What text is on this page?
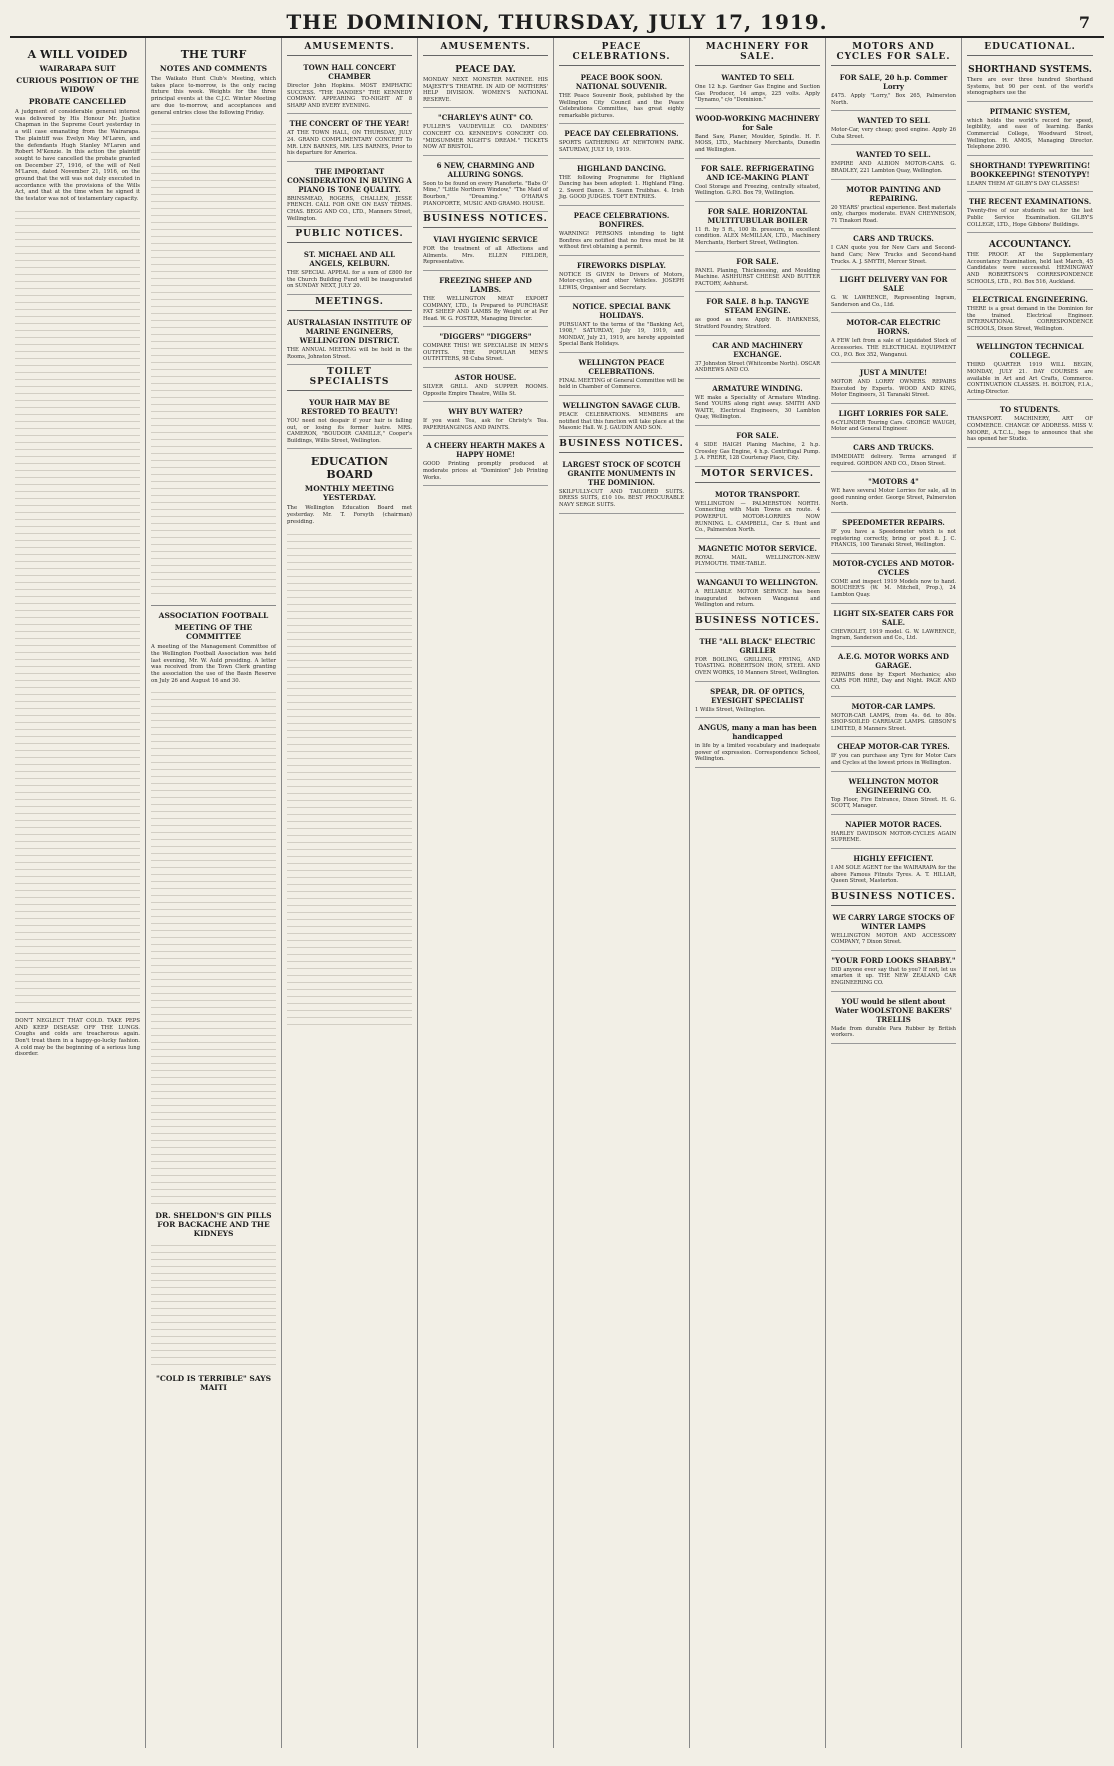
THE DOMINION, THURSDAY, JULY 17, 1919.	7
A WILL VOIDED
WAIRARAPA SUIT
CURIOUS POSITION OF THE WIDOW
PROBATE CANCELLED
A judgment of considerable general interest was delivered by His Honour Mr. Justice Chapman in the Supreme Court yesterday in a will case emanating from the Wairarapa. The plaintiff was Evelyn May M'Laren, and the defendants Hugh Stanley M'Laren and Robert M'Kenzie. In this action the plaintiff sought to have cancelled the probate granted on December 27, 1916, of the will of Neil M'Laren, dated November 21, 1916, on the ground that the will was not duly executed in accordance with the provisions of the Wills Act, and that at the time when he signed it the testator was not of testamentary capacity.
DON'T NEGLECT THAT COLD. TAKE PEPS AND KEEP DISEASE OFF THE LUNGS. Coughs and colds are treacherous again. Don't treat them in a happy-go-lucky fashion. A cold may be the beginning of a serious lung disorder.
THE TURF
NOTES AND COMMENTS
The Waikato Hunt Club's Meeting, which takes place to-morrow, is the only racing fixture this week. Weights for the three principal events at the C.J.C. Winter Meeting are due to-morrow, and acceptances and general entries close the following Friday.
ASSOCIATION FOOTBALL
MEETING OF THE COMMITTEE
A meeting of the Management Committee of the Wellington Football Association was held last evening, Mr. W. Auld presiding. A letter was received from the Town Clerk granting the association the use of the Basin Reserve on July 26 and August 16 and 30.
DR. SHELDON'S GIN PILLS FOR BACKACHE AND THE KIDNEYS
"COLD IS TERRIBLE" SAYS MAITI
AMUSEMENTS.
TOWN HALL CONCERT CHAMBER
Director John Hopkins. MOST EMPHATIC SUCCESS. "THE DANDIES" THE KENNEDY COMPANY. APPEARING TO-NIGHT AT 8 SHARP AND EVERY EVENING.
THE CONCERT OF THE YEAR!
AT THE TOWN HALL, ON THURSDAY, JULY 24. GRAND COMPLIMENTARY CONCERT To MR. LEN BARNES, MR. LES BARNES, Prior to his departure for America.
THE IMPORTANT CONSIDERATION IN BUYING A PIANO IS TONE QUALITY.
BRINSMEAD, ROGERS, CHALLEN, JESSE FRENCH. CALL FOR ONE ON EASY TERMS. CHAS. BEGG AND CO., LTD., Manners Street, Wellington.
PUBLIC NOTICES.
ST. MICHAEL AND ALL ANGELS, KELBURN.
THE SPECIAL APPEAL for a sum of £800 for the Church Building Fund will be inaugurated on SUNDAY NEXT, JULY 20.
MEETINGS.
AUSTRALASIAN INSTITUTE OF MARINE ENGINEERS, WELLINGTON DISTRICT.
THE ANNUAL MEETING will be held in the Rooms, Johnston Street.
TOILET SPECIALISTS
YOUR HAIR MAY BE RESTORED TO BEAUTY!
YOU need not despair if your hair is falling out, or losing its former lustre. MRS. CAMERON, "BOUDOIR CAMILLE," Cooper's Buildings, Willis Street, Wellington.
EDUCATION BOARD
MONTHLY MEETING YESTERDAY.
The Wellington Education Board met yesterday. Mr. T. Forsyth (chairman) presiding.
AMUSEMENTS.
PEACE DAY.
MONDAY NEXT. MONSTER MATINEE. HIS MAJESTY'S THEATRE. IN AID OF MOTHERS' HELP DIVISION. WOMEN'S NATIONAL RESERVE.
"CHARLEY'S AUNT" CO.
FULLER'S VAUDEVILLE CO. DANDIES' CONCERT CO. KENNEDY'S CONCERT CO. "MIDSUMMER NIGHT'S DREAM." TICKETS NOW AT BRISTOL.
6 NEW, CHARMING AND ALLURING SONGS.
Soon to be found on every Pianoforte. "Babs O' Mine," "Little Northern Window," "The Maid of Bourbon," "Dreaming." O'HARA'S PIANOFORTE, MUSIC AND GRAMO. HOUSE.
BUSINESS NOTICES.
VIAVI HYGIENIC SERVICE
FOR the treatment of all Affections and Ailments. Mrs. ELLEN FIELDER, Representative.
FREEZING SHEEP AND LAMBS.
THE WELLINGTON MEAT EXPORT COMPANY, LTD., Is Prepared to PURCHASE FAT SHEEP AND LAMBS By Weight or at Per Head. W. G. FOSTER, Managing Director.
"DIGGERS" "DIGGERS"
COMPARE THIS! WE SPECIALISE IN MEN'S OUTFITS. THE POPULAR MEN'S OUTFITTERS, 98 Cuba Street.
ASTOR HOUSE.
SILVER GRILL AND SUPPER ROOMS. Opposite Empire Theatre, Willis St.
WHY BUY WATER?
If you want Tea, ask for Christy's Tea. PAPERHANGINGS AND PAINTS.
A CHEERY HEARTH MAKES A HAPPY HOME!
GOOD Printing promptly produced at moderate prices at "Dominion" Job Printing Works.
PEACE CELEBRATIONS.
PEACE BOOK SOON. NATIONAL SOUVENIR.
THE Peace Souvenir Book, published by the Wellington City Council and the Peace Celebrations Committee, has great eighty remarkable pictures.
PEACE DAY CELEBRATIONS.
SPORTS GATHERING AT NEWTOWN PARK. SATURDAY, JULY 19, 1919.
HIGHLAND DANCING.
THE following Programme for Highland Dancing has been adopted: 1. Highland Fling. 2. Sword Dance. 3. Seann Truibhas. 4. Irish Jig. GOOD JUDGES. TOFT ENTRIES.
PEACE CELEBRATIONS. BONFIRES.
WARNING! PERSONS intending to light Bonfires are notified that no fires must be lit without first obtaining a permit.
FIREWORKS DISPLAY.
NOTICE IS GIVEN to Drivers of Motors, Motor-cycles, and other Vehicles. JOSEPH LEWIS, Organiser and Secretary.
NOTICE. SPECIAL BANK HOLIDAYS.
PURSUANT to the terms of the "Banking Act, 1908," SATURDAY, July 19, 1919, and MONDAY, July 21, 1919, are hereby appointed Special Bank Holidays.
WELLINGTON PEACE CELEBRATIONS.
FINAL MEETING of General Committee will be held in Chamber of Commerce.
WELLINGTON SAVAGE CLUB.
PEACE CELEBRATIONS. MEMBERS are notified that this function will take place at the Masonic Hall. W. J. GAUDIN AND SON.
BUSINESS NOTICES.
LARGEST STOCK OF SCOTCH GRANITE MONUMENTS IN THE DOMINION.
SKILFULLY-CUT AND TAILORED SUITS. DRESS SUITS, £10 10s. BEST PROCURABLE NAVY SERGE SUITS.
MACHINERY FOR SALE.
WANTED TO SELL
One 12 h.p. Gardner Gas Engine and Suction Gas Producer, 14 amps, 225 volts. Apply "Dynamo," c/o "Dominion."
WOOD-WORKING MACHINERY for Sale
Band Saw, Planer, Moulder, Spindle. H. F. MOSS, LTD., Machinery Merchants, Dunedin and Wellington.
FOR SALE. REFRIGERATING AND ICE-MAKING PLANT
Cool Storage and Freezing, centrally situated, Wellington. G.P.O. Box 79, Wellington.
FOR SALE. HORIZONTAL MULTITUBULAR BOILER
11 ft. by 5 ft., 100 lb. pressure, in excellent condition. ALEX McMILLAN, LTD., Machinery Merchants, Herbert Street, Wellington.
FOR SALE.
PANEL Planing, Thicknessing, and Moulding Machine. ASHHURST CHEESE AND BUTTER FACTORY, Ashhurst.
FOR SALE. 8 h.p. TANGYE STEAM ENGINE.
as good as new. Apply B. HARKNESS, Stratford Foundry, Stratford.
CAR AND MACHINERY EXCHANGE.
37 Johnston Street (Whitcombe North). OSCAR ANDREWS AND CO.
ARMATURE WINDING.
WE make a Speciality of Armature Winding. Send YOURS along right away. SMITH AND WAITE, Electrical Engineers, 30 Lambton Quay, Wellington.
FOR SALE.
4 SIDE HAIGH Planing Machine, 2 h.p. Crossley Gas Engine, 4 h.p. Centrifugal Pump. J. A. FRERE, 128 Courtenay Place, City.
MOTOR SERVICES.
MOTOR TRANSPORT.
WELLINGTON — PALMERSTON NORTH. Connecting with Main Towns en route. 4 POWERFUL MOTOR-LORRIES NOW RUNNING. L. CAMPBELL, Cnr S. Hunt and Co., Palmerston North.
MAGNETIC MOTOR SERVICE.
ROYAL MAIL. WELLINGTON-NEW PLYMOUTH. TIME-TABLE.
WANGANUI TO WELLINGTON.
A RELIABLE MOTOR SERVICE has been inaugurated between Wanganui and Wellington and return.
BUSINESS NOTICES.
THE "ALL BLACK" ELECTRIC GRILLER
FOR BOILING, GRILLING, FRYING, AND TOASTING. ROBERTSON IRON, STEEL AND OVEN WORKS, 10 Manners Street, Wellington.
SPEAR, DR. OF OPTICS, EYESIGHT SPECIALIST
1 Willis Street, Wellington.
ANGUS, many a man has been handicapped
in life by a limited vocabulary and inadequate power of expression. Correspondence School, Wellington.
MOTORS AND CYCLES FOR SALE.
FOR SALE, 20 h.p. Commer Lorry
£475. Apply "Lorry," Box 265, Palmerston North.
WANTED TO SELL
Motor-Car, very cheap; good engine. Apply 26 Cuba Street.
WANTED TO SELL.
EMPIRE AND ALBION MOTOR-CARS. G. BRADLEY, 221 Lambton Quay, Wellington.
MOTOR PAINTING AND REPAIRING.
20 YEARS' practical experience. Best materials only, charges moderate. EVAN CHEYNESON, 71 Tinakori Road.
CARS AND TRUCKS.
I CAN quote you for New Cars and Second-hand Cars; New Trucks and Second-hand Trucks. A. J. SMYTH, Mercer Street.
LIGHT DELIVERY VAN FOR SALE
G. W. LAWRENCE, Representing Ingram, Sanderson and Co., Ltd.
MOTOR-CAR ELECTRIC HORNS.
A FEW left from a sale of Liquidated Stock of Accessories. THE ELECTRICAL EQUIPMENT CO., P.O. Box 352, Wanganui.
JUST A MINUTE!
MOTOR AND LORRY OWNERS. REPAIRS Executed by Experts. WOOD AND KING, Motor Engineers, 31 Taranaki Street.
LIGHT LORRIES FOR SALE.
6-CYLINDER Touring Cars. GEORGE WAUGH, Motor and General Engineer.
CARS AND TRUCKS.
IMMEDIATE delivery. Terms arranged if required. GORDON AND CO., Dixon Street.
"MOTORS 4"
WE have several Motor Lorries for sale, all in good running order. George Street, Palmerston North.
SPEEDOMETER REPAIRS.
IF you have a Speedometer which is not registering correctly, bring or post it. J. C. FRANCIS, 100 Taranaki Street, Wellington.
MOTOR-CYCLES AND MOTOR-CYCLES
COME and inspect 1919 Models now to hand. BOUCHER'S (W. M. Mitchell, Prop.), 24 Lambton Quay.
LIGHT SIX-SEATER CARS FOR SALE.
CHEVROLET, 1919 model. G. W. LAWRENCE, Ingram, Sanderson and Co., Ltd.
A.E.G. MOTOR WORKS AND GARAGE.
REPAIRS done by Expert Mechanics; also CARS FOR HIRE, Day and Night. PAGE AND CO.
MOTOR-CAR LAMPS.
MOTOR-CAR LAMPS, from 4s. 6d. to 80s. SHOP-SOILED CARRIAGE LAMPS. GIBSON'S LIMITED, 8 Manners Street.
CHEAP MOTOR-CAR TYRES.
IF you can purchase any Tyre for Motor Cars and Cycles at the lowest prices in Wellington.
WELLINGTON MOTOR ENGINEERING CO.
Top Floor, Fire Entrance, Dixon Street. H. G. SCOTT, Manager.
NAPIER MOTOR RACES.
HARLEY DAVIDSON MOTOR-CYCLES AGAIN SUPREME.
HIGHLY EFFICIENT.
I AM SOLE AGENT for the WAIRARAPA for the above Famous Fitnuts Tyres. A. T. HILLAR, Queen Street, Masterton.
BUSINESS NOTICES.
WE CARRY LARGE STOCKS OF WINTER LAMPS
WELLINGTON MOTOR AND ACCESSORY COMPANY, 7 Dixon Street.
"YOUR FORD LOOKS SHABBY."
DID anyone ever say that to you? If not, let us smarten it up. THE NEW ZEALAND CAR ENGINEERING CO.
YOU would be silent about Water WOOLSTONE BAKERS' TRELLIS
Made from durable Para Rubber by British workers.
EDUCATIONAL.
SHORTHAND SYSTEMS.
There are over three hundred Shorthand Systems, but 90 per cent. of the world's stenographers use the
PITMANIC SYSTEM,
which holds the world's record for speed, legibility, and ease of learning. Banks Commercial College, Woodward Street, Wellington. H. AMOS, Managing Director. Telephone 2090.
SHORTHAND! TYPEWRITING! BOOKKEEPING! STENOTYPY!
LEARN THEM AT GILBY'S DAY CLASSES!
THE RECENT EXAMINATIONS.
Twenty-five of our students sat for the last Public Service Examination. GILBY'S COLLEGE, LTD., Hope Gibbons' Buildings.
ACCOUNTANCY.
THE PROOF. AT the Supplementary Accountancy Examination, held last March, 45 Candidates were successful. HEMINGWAY AND ROBERTSON'S CORRESPONDENCE SCHOOLS, LTD., P.O. Box 516, Auckland.
ELECTRICAL ENGINEERING.
THERE is a great demand in the Dominion for the trained Electrical Engineer. INTERNATIONAL CORRESPONDENCE SCHOOLS, Dixon Street, Wellington.
WELLINGTON TECHNICAL COLLEGE.
THIRD QUARTER 1919 WILL BEGIN, MONDAY, JULY 21. DAY COURSES are available in Art and Art Crafts, Commerce. CONTINUATION CLASSES. H. BOLTON, F.I.A., Acting-Director.
TO STUDENTS.
TRANSPORT. MACHINERY, ART OF COMMERCE. CHANGE OF ADDRESS. MISS V. MOORE, A.T.C.L., begs to announce that she has opened her Studio.
